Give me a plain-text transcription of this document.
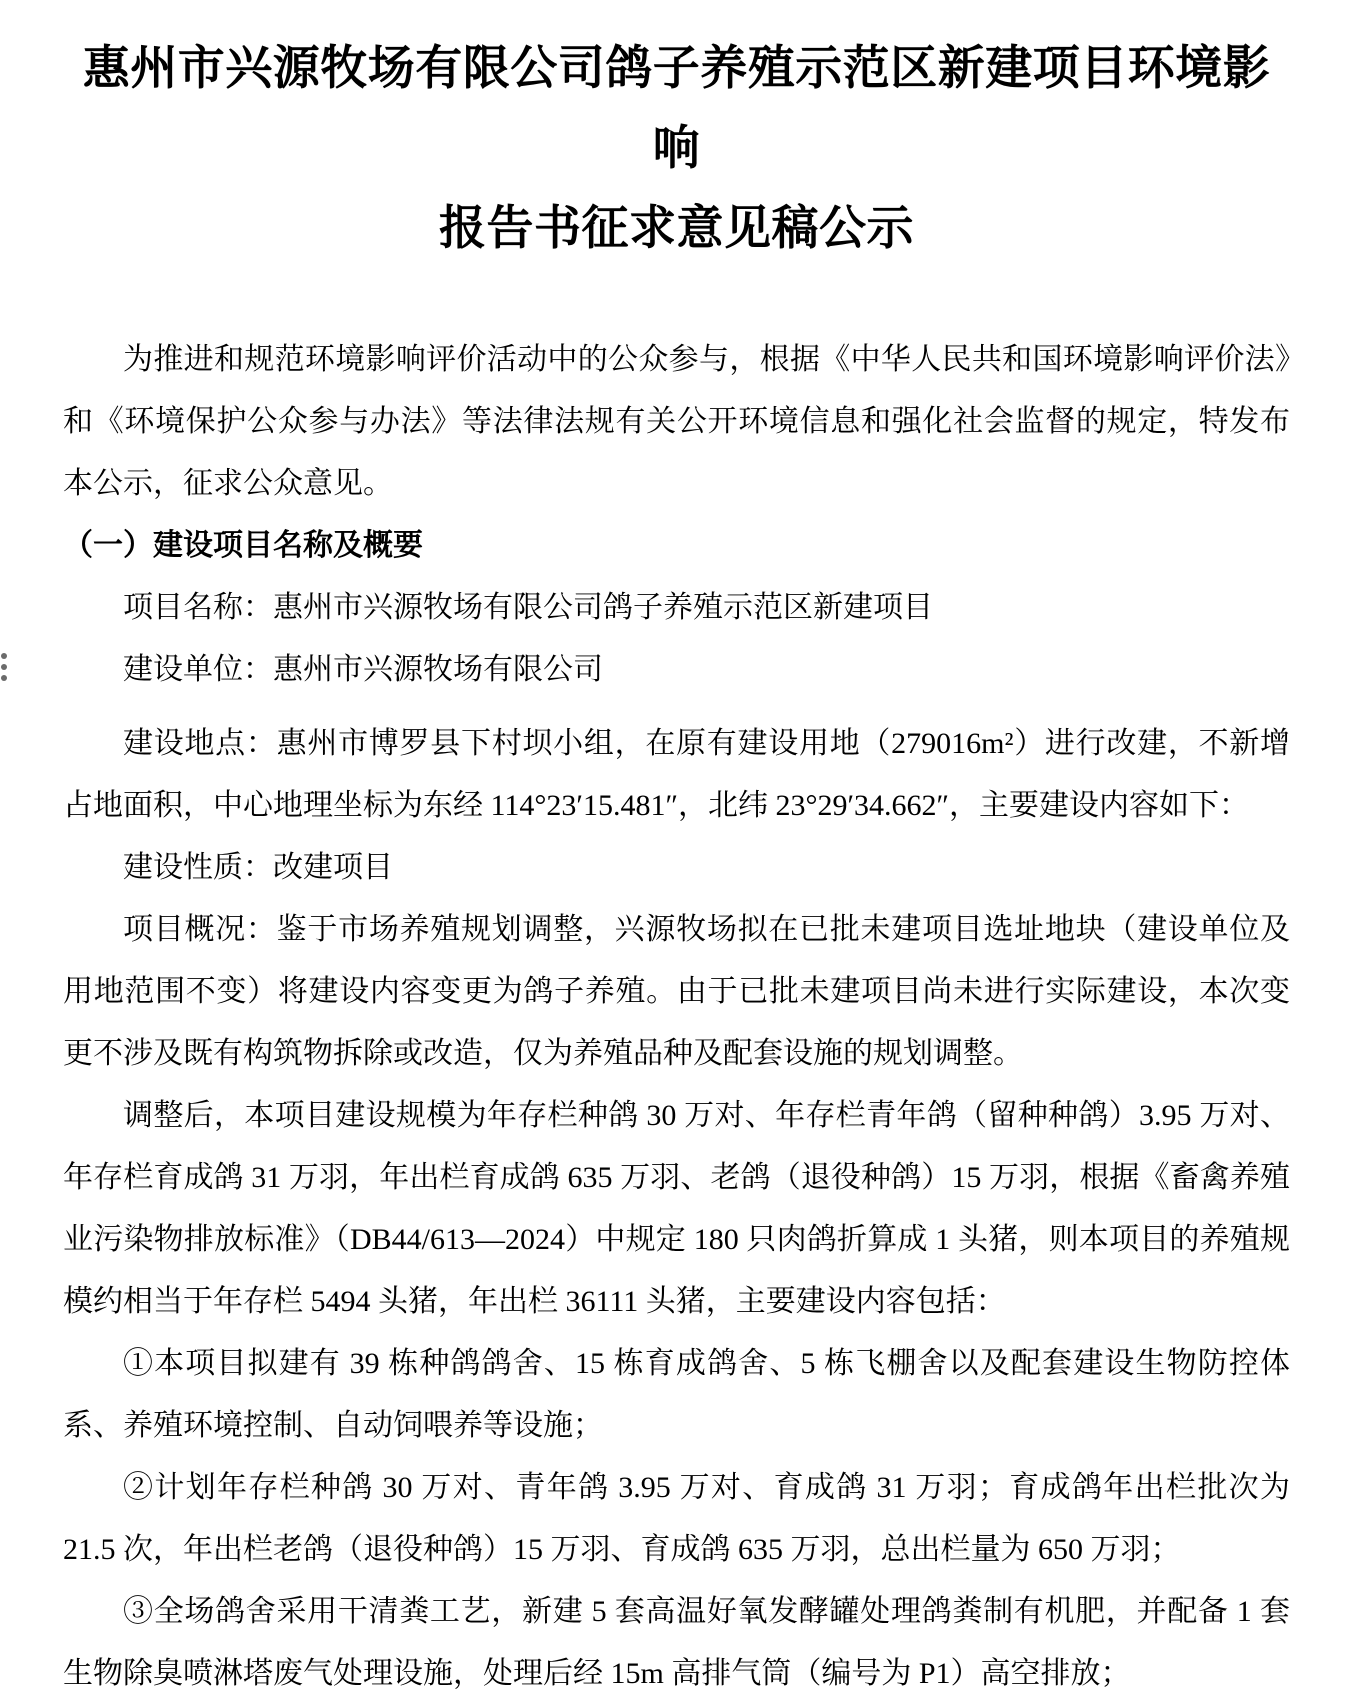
惠州市兴源牧场有限公司鸽子养殖示范区新建项目环境影响
报告书征求意见稿公示

为推进和规范环境影响评价活动中的公众参与，根据《中华人民共和国环境影响评价法》和《环境保护公众参与办法》等法律法规有关公开环境信息和强化社会监督的规定，特发布本公示，征求公众意见。

（一）建设项目名称及概要

项目名称：惠州市兴源牧场有限公司鸽子养殖示范区新建项目

建设单位：惠州市兴源牧场有限公司

建设地点：惠州市博罗县下村坝小组，在原有建设用地（279016m²）进行改建，不新增占地面积，中心地理坐标为东经 114°23′15.481″，北纬 23°29′34.662″，主要建设内容如下：

建设性质：改建项目

项目概况：鉴于市场养殖规划调整，兴源牧场拟在已批未建项目选址地块（建设单位及用地范围不变）将建设内容变更为鸽子养殖。由于已批未建项目尚未进行实际建设，本次变更不涉及既有构筑物拆除或改造，仅为养殖品种及配套设施的规划调整。

调整后，本项目建设规模为年存栏种鸽 30 万对、年存栏青年鸽（留种种鸽）3.95 万对、年存栏育成鸽 31 万羽，年出栏育成鸽 635 万羽、老鸽（退役种鸽）15 万羽，根据《畜禽养殖业污染物排放标准》（DB44/613—2024）中规定 180 只肉鸽折算成 1 头猪，则本项目的养殖规模约相当于年存栏 5494 头猪，年出栏 36111 头猪，主要建设内容包括：

①本项目拟建有 39 栋种鸽鸽舍、15 栋育成鸽舍、5 栋飞棚舍以及配套建设生物防控体系、养殖环境控制、自动饲喂养等设施；

②计划年存栏种鸽 30 万对、青年鸽 3.95 万对、育成鸽 31 万羽；育成鸽年出栏批次为 21.5 次，年出栏老鸽（退役种鸽）15 万羽、育成鸽 635 万羽，总出栏量为 650 万羽；

③全场鸽舍采用干清粪工艺，新建 5 套高温好氧发酵罐处理鸽粪制有机肥，并配备 1 套生物除臭喷淋塔废气处理设施，处理后经 15m 高排气筒（编号为 P1）高空排放；
